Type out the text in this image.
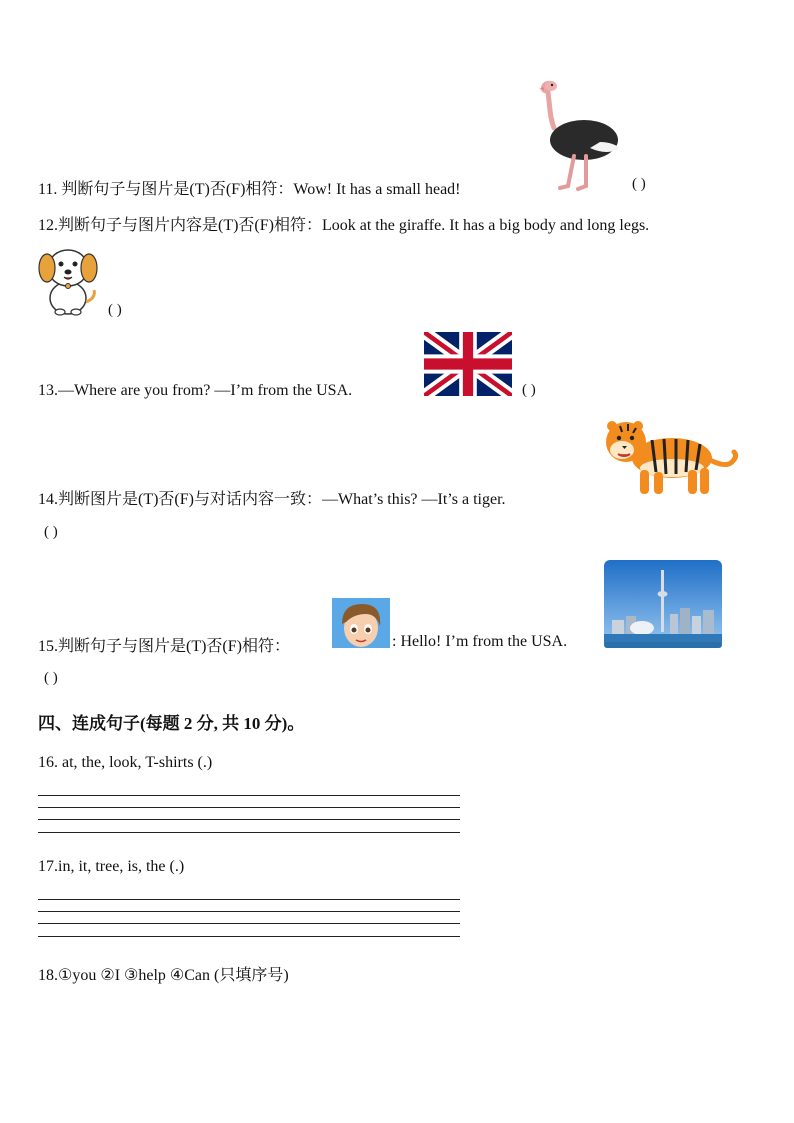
11. 判断句子与图片是(T)否(F)相符：Wow! It has a small head!	( )
12.判断句子与图片内容是(T)否(F)相符：Look at the giraffe. It has a big body and long legs.
( )
13.—Where are you from? —I’m from the USA.	( )
14.判断图片是(T)否(F)与对话内容一致：—What’s this? —It’s a tiger.
( )
15.判断句子与图片是(T)否(F)相符：	: Hello! I’m from the USA.
( )
四、连成句子(每题 2 分, 共 10 分)。
16. at, the, look, T-shirts (.)
17.in, it, tree, is, the (.)
18.①you ②I ③help ④Can (只填序号)
